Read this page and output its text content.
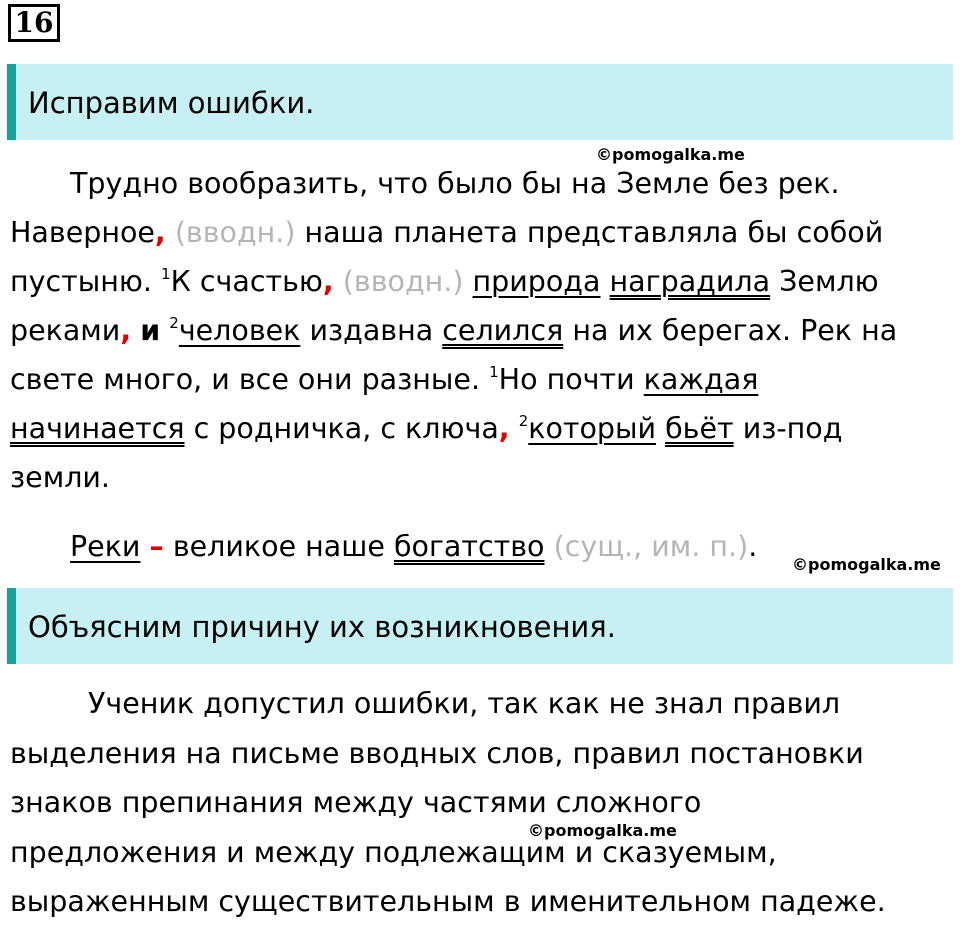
16
Исправим ошибки.
©pomogalka.me
Трудно вообразить, что было бы на Земле без рек.
Наверное, (вводн.) наша планета представляла бы собой
пустыню. $^1$К счастью, (вводн.) природа наградила Землю
реками, и $^2$человек издавна селился на их берегах. Рек на
свете много, и все они разные. $^1$Но почти каждая
начинается с родничка, с ключа, $^2$который бьёт из-под
земли.
Реки – великое наше богатство (сущ., им. п.).
©pomogalka.me
Объясним причину их возникновения.
Ученик допустил ошибки, так как не знал правил
выделения на письме вводных слов, правил постановки
знаков препинания между частями сложного
©pomogalka.me
предложения и между подлежащим и сказуемым,
выраженным существительным в именительном падеже.
